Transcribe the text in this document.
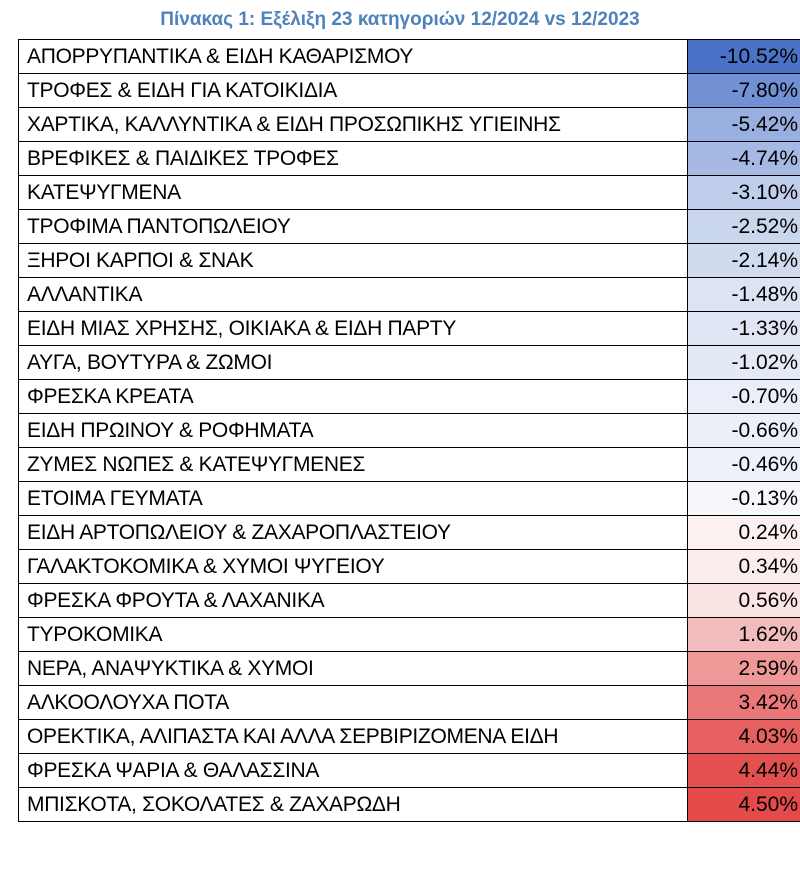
Πίνακας 1: Εξέλιξη 23 κατηγοριών 12/2024 vs 12/2023
ΑΠΟΡΡΥΠΑΝΤΙΚΑ & ΕΙΔΗ ΚΑΘΑΡΙΣΜΟΥ	-10.52%
ΤΡΟΦΕΣ & ΕΙΔΗ ΓΙΑ ΚΑΤΟΙΚΙΔΙΑ	-7.80%
ΧΑΡΤΙΚΑ, ΚΑΛΛΥΝΤΙΚΑ & ΕΙΔΗ ΠΡΟΣΩΠΙΚΗΣ ΥΓΙΕΙΝΗΣ	-5.42%
ΒΡΕΦΙΚΕΣ & ΠΑΙΔΙΚΕΣ ΤΡΟΦΕΣ	-4.74%
ΚΑΤΕΨΥΓΜΕΝΑ	-3.10%
ΤΡΟΦΙΜΑ ΠΑΝΤΟΠΩΛΕΙΟΥ	-2.52%
ΞΗΡΟΙ ΚΑΡΠΟΙ & ΣΝΑΚ	-2.14%
ΑΛΛΑΝΤΙΚΑ	-1.48%
ΕΙΔΗ ΜΙΑΣ ΧΡΗΣΗΣ, ΟΙΚΙΑΚΑ & ΕΙΔΗ ΠΑΡΤΥ	-1.33%
ΑΥΓΑ, ΒΟΥΤΥΡΑ & ΖΩΜΟΙ	-1.02%
ΦΡΕΣΚΑ ΚΡΕΑΤΑ	-0.70%
ΕΙΔΗ ΠΡΩΙΝΟΥ & ΡΟΦΗΜΑΤΑ	-0.66%
ΖΥΜΕΣ ΝΩΠΕΣ & ΚΑΤΕΨΥΓΜΕΝΕΣ	-0.46%
ΕΤΟΙΜΑ ΓΕΥΜΑΤΑ	-0.13%
ΕΙΔΗ ΑΡΤΟΠΩΛΕΙΟΥ & ΖΑΧΑΡΟΠΛΑΣΤΕΙΟΥ	0.24%
ΓΑΛΑΚΤΟΚΟΜΙΚΑ & ΧΥΜΟΙ ΨΥΓΕΙΟΥ	0.34%
ΦΡΕΣΚΑ ΦΡΟΥΤΑ & ΛΑΧΑΝΙΚΑ	0.56%
ΤΥΡΟΚΟΜΙΚΑ	1.62%
ΝΕΡΑ, ΑΝΑΨΥΚΤΙΚΑ & ΧΥΜΟΙ	2.59%
ΑΛΚΟΟΛΟΥΧΑ ΠΟΤΑ	3.42%
ΟΡΕΚΤΙΚΑ, ΑΛΙΠΑΣΤΑ ΚΑΙ ΑΛΛΑ ΣΕΡΒΙΡΙΖΟΜΕΝΑ ΕΙΔΗ	4.03%
ΦΡΕΣΚΑ ΨΑΡΙΑ & ΘΑΛΑΣΣΙΝΑ	4.44%
ΜΠΙΣΚΟΤΑ, ΣΟΚΟΛΑΤΕΣ & ΖΑΧΑΡΩΔΗ	4.50%
